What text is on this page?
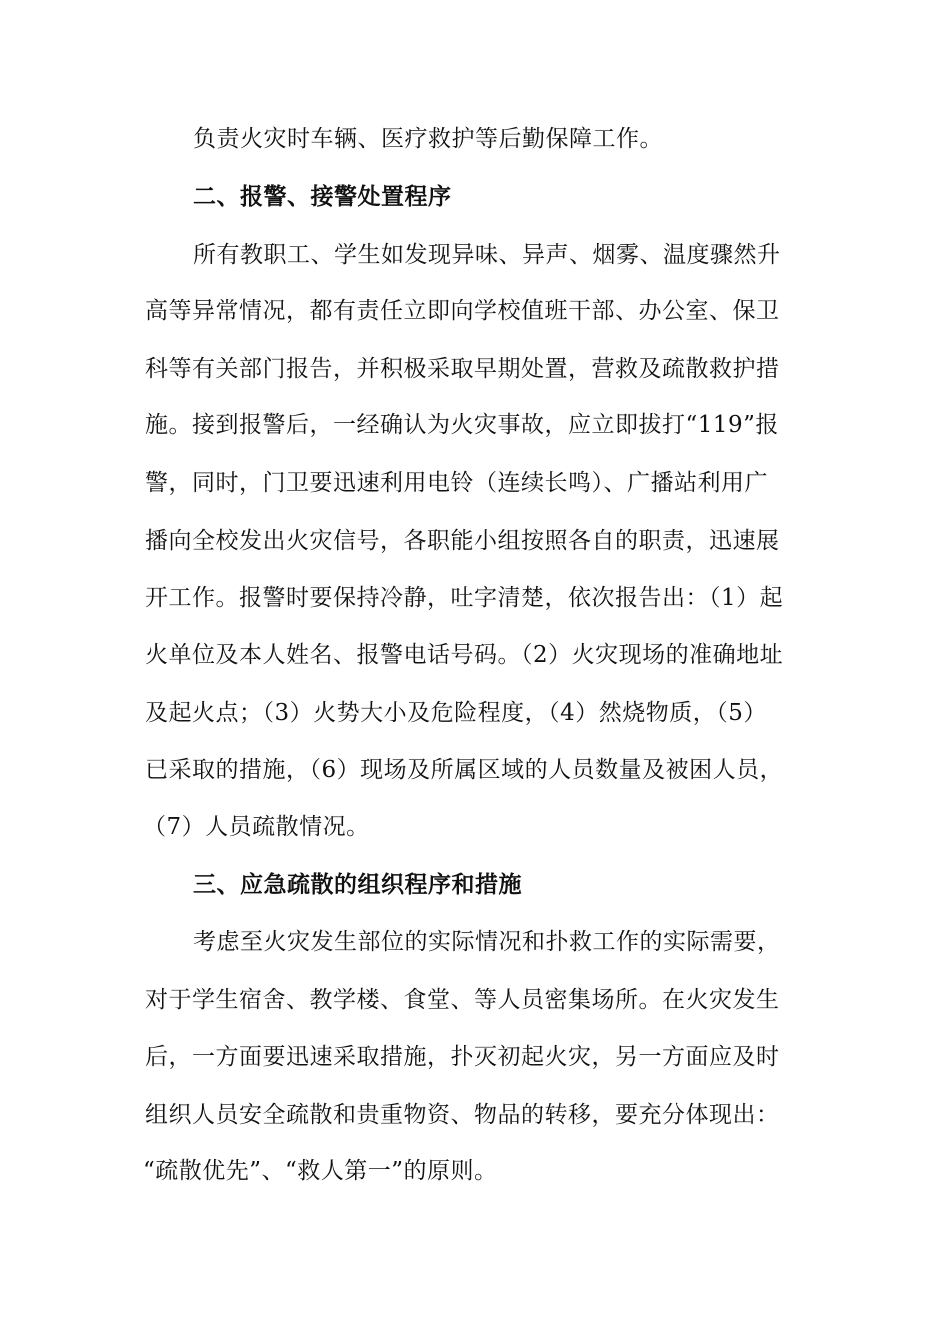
负责火灾时车辆、医疗救护等后勤保障工作。
二、报警、接警处置程序
所有教职工、学生如发现异味、异声、烟雾、温度骤然升
高等异常情况，都有责任立即向学校值班干部、办公室、保卫
科等有关部门报告，并积极采取早期处置，营救及疏散救护措
施。接到报警后，一经确认为火灾事故，应立即拔打“119”报
警，同时，门卫要迅速利用电铃（连续长鸣）、广播站利用广
播向全校发出火灾信号，各职能小组按照各自的职责，迅速展
开工作。报警时要保持冷静，吐字清楚，依次报告出：（1）起
火单位及本人姓名、报警电话号码。（2）火灾现场的准确地址
及起火点；（3）火势大小及危险程度，（4）然烧物质，（5）
已采取的措施，（6）现场及所属区域的人员数量及被困人员，
（7）人员疏散情况。
三、应急疏散的组织程序和措施
考虑至火灾发生部位的实际情况和扑救工作的实际需要，
对于学生宿舍、教学楼、食堂、等人员密集场所。在火灾发生
后，一方面要迅速采取措施，扑灭初起火灾，另一方面应及时
组织人员安全疏散和贵重物资、物品的转移，要充分体现出：
“疏散优先”、“救人第一”的原则。
